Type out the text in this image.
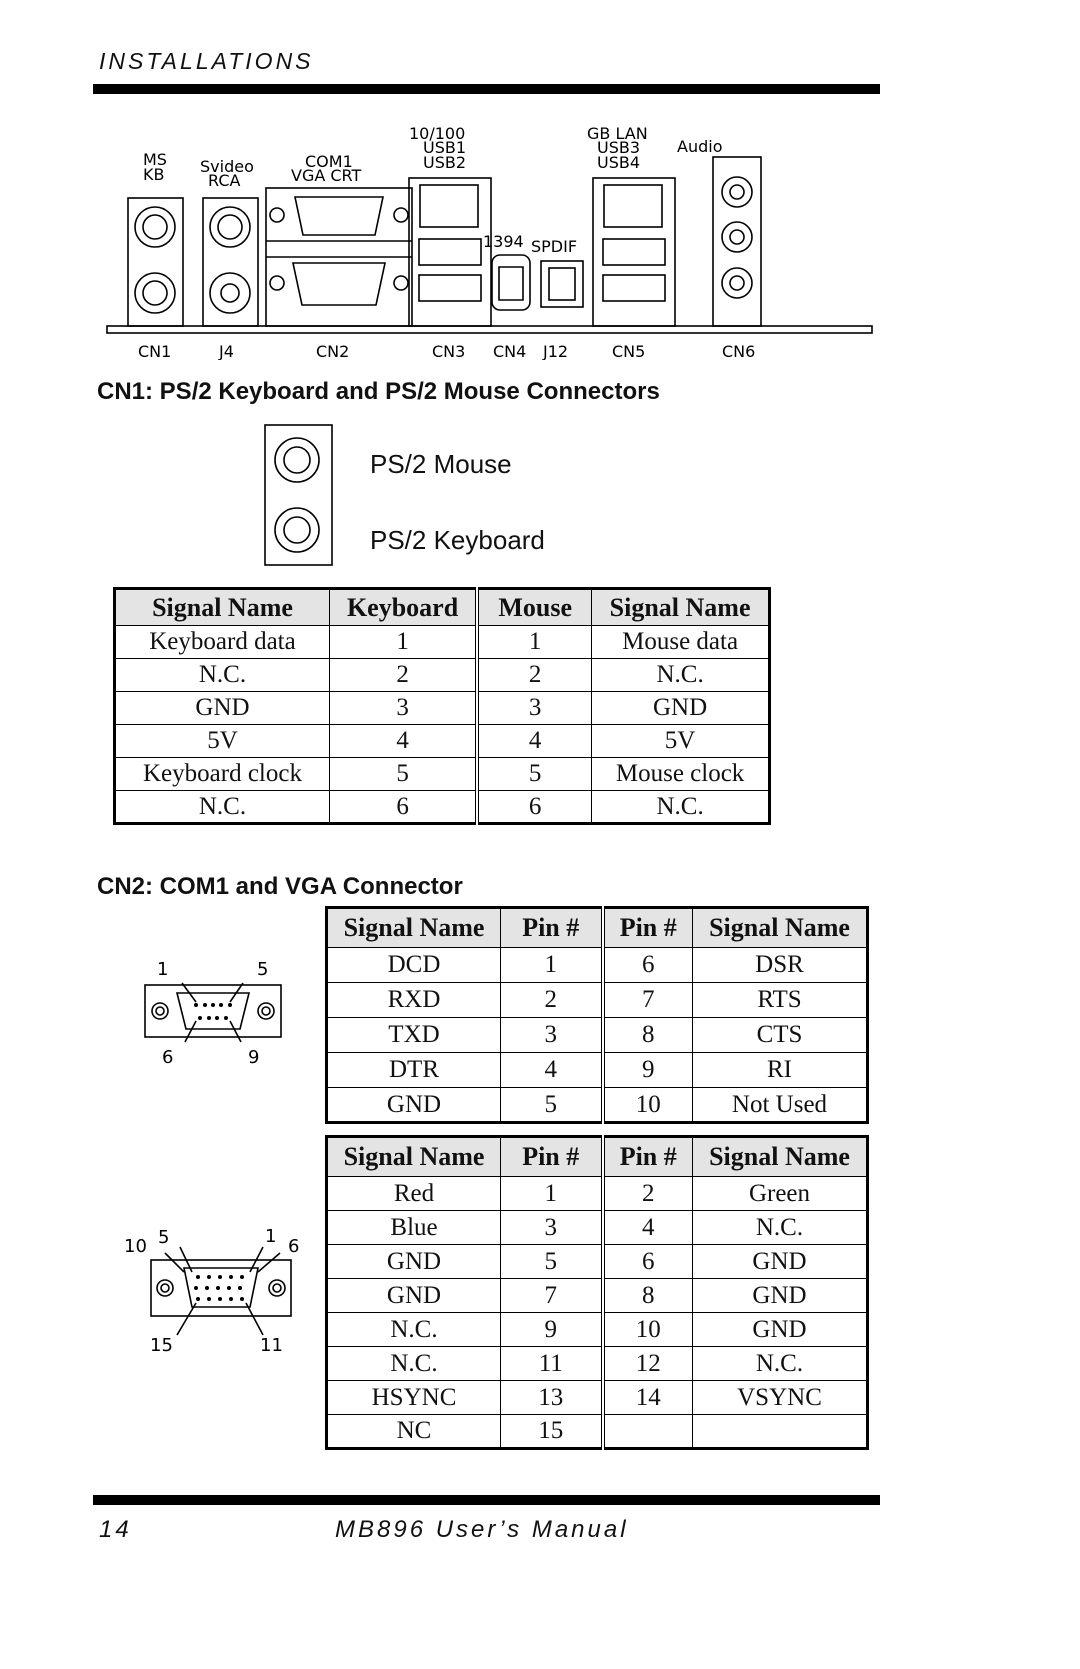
INSTALLATIONS
MS
KB Svideo
RCA
COM1
VGA CRT
10/100
USB1
USB2
1394 SPDIF
GB LAN
USB3
USB4
Audio
CN1	J4	CN2	CN3 CN4 J12	CN5	CN6
CN1: PS/2 Keyboard and PS/2 Mouse Connectors
PS/2 Mouse
PS/2 Keyboard
Signal Name	Keyboard	Mouse	Signal Name
Keyboard data	1	1	Mouse data
N.C.	2	2	N.C.
GND	3	3	GND
5V	4	4	5V
Keyboard clock	5	5	Mouse clock
N.C.	6	6	N.C.
CN2: COM1 and VGA Connector
1	5
6	9
Signal Name	Pin #	Pin #	Signal Name
DCD	1	6	DSR
RXD	2	7	RTS
TXD	3	8	CTS
DTR	4	9	RI
GND	5	10	Not Used
10 5	1 6
15	11
Signal Name	Pin #	Pin #	Signal Name
Red	1	2	Green
Blue	3	4	N.C.
GND	5	6	GND
GND	7	8	GND
N.C.	9	10	GND
N.C.	11	12	N.C.
HSYNC	13	14	VSYNC
NC	15		
14	MB896 User’s Manual
